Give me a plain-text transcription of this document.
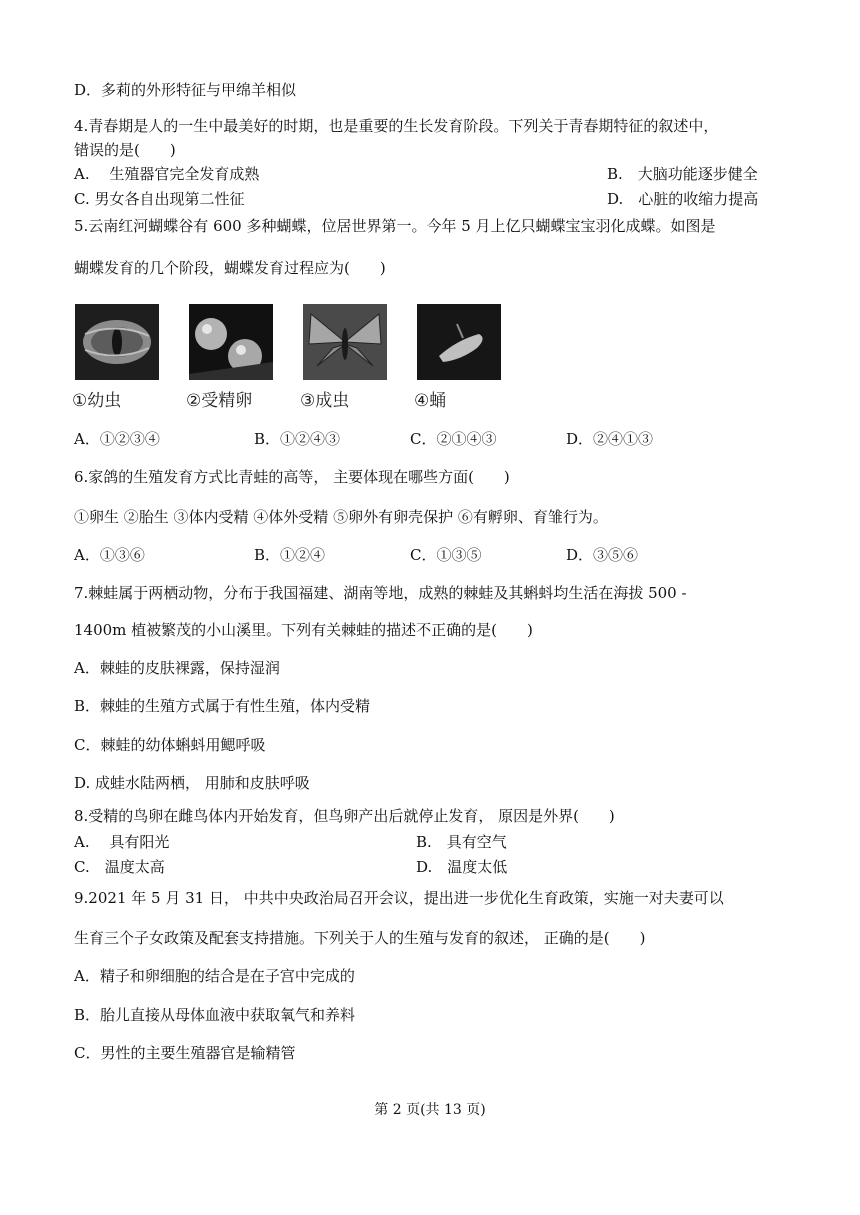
D．多莉的外形特征与甲绵羊相似
4.青春期是人的一生中最美好的时期，也是重要的生长发育阶段。下列关于青春期特征的叙述中，
错误的是(　　)
A.　 生殖器官完全发育成熟	B.　大脑功能逐步健全
C. 男女各自出现第二性征	D.　心脏的收缩力提高
5.云南红河蝴蝶谷有 600 多种蝴蝶，位居世界第一。今年 5 月上亿只蝴蝶宝宝羽化成蝶。如图是
蝴蝶发育的几个阶段，蝴蝶发育过程应为(　　)
①幼虫	②受精卵	③成虫	④蛹
A．①②③④	B．①②④③	C．②①④③	D．②④①③
6.家鸽的生殖发育方式比青蛙的高等， 主要体现在哪些方面(　　)
①卵生 ②胎生 ③体内受精 ④体外受精 ⑤卵外有卵壳保护 ⑥有孵卵、育雏行为。
A．①③⑥	B．①②④	C．①③⑤	D．③⑤⑥
7.棘蛙属于两栖动物，分布于我国福建、湖南等地，成熟的棘蛙及其蝌蚪均生活在海拔 500 -
1400m 植被繁茂的小山溪里。下列有关棘蛙的描述不正确的是(　　)
A．棘蛙的皮肤裸露，保持湿润
B．棘蛙的生殖方式属于有性生殖，体内受精
C．棘蛙的幼体蝌蚪用鳃呼吸
D. 成蛙水陆两栖， 用肺和皮肤呼吸
8.受精的鸟卵在雌鸟体内开始发育，但鸟卵产出后就停止发育， 原因是外界(　　)
A.　 具有阳光	B.　具有空气
C.　温度太高	D.　温度太低
9.2021 年 5 月 31 日， 中共中央政治局召开会议，提出进一步优化生育政策，实施一对夫妻可以
生育三个子女政策及配套支持措施。下列关于人的生殖与发育的叙述， 正确的是(　　)
A．精子和卵细胞的结合是在子宫中完成的
B．胎儿直接从母体血液中获取氧气和养料
C．男性的主要生殖器官是输精管
第 2 页(共 13 页)
